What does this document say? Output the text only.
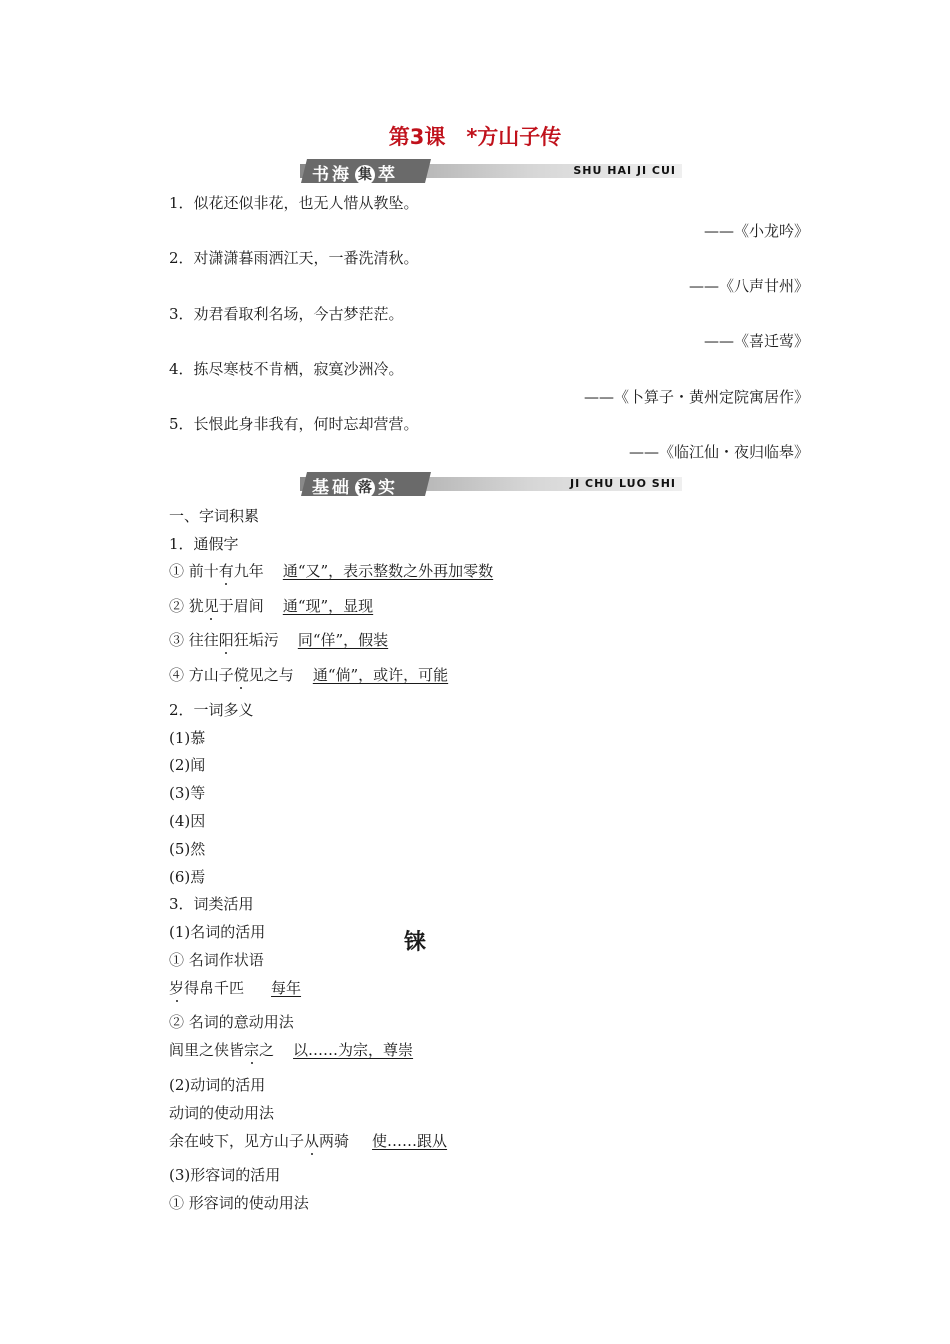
第3课　*方山子传
书海 集 萃	SHU HAI JI CUI
1．似花还似非花，也无人惜从教坠。
——《小龙吟》
2．对潇潇暮雨洒江天，一番洗清秋。
——《八声甘州》
3．劝君看取利名场，今古梦茫茫。
——《喜迁莺》
4．拣尽寒枝不肯栖，寂寞沙洲冷。
——《卜算子・黄州定院寓居作》
5．长恨此身非我有，何时忘却营营。
——《临江仙・夜归临皋》
基础 落 实	JI CHU LUO SHI
一、字词积累
1．通假字
① 前十有九年 通“又”，表示整数之外再加零数
② 犹见于眉间 通“现”，显现
③ 往往阳狂垢污 同“佯”，假装
④ 方山子傥见之与 通“倘”，或许，可能
2．一词多义
(1)慕
(2)闻
(3)等
(4)因
(5)然
(6)焉
3．词类活用
(1)名词的活用	铼
① 名词作状语
岁得帛千匹 每年
② 名词的意动用法
闾里之侠皆宗之 以……为宗，尊崇
(2)动词的活用
动词的使动用法
余在岐下，见方山子从两骑 使……跟从
(3)形容词的活用
① 形容词的使动用法
